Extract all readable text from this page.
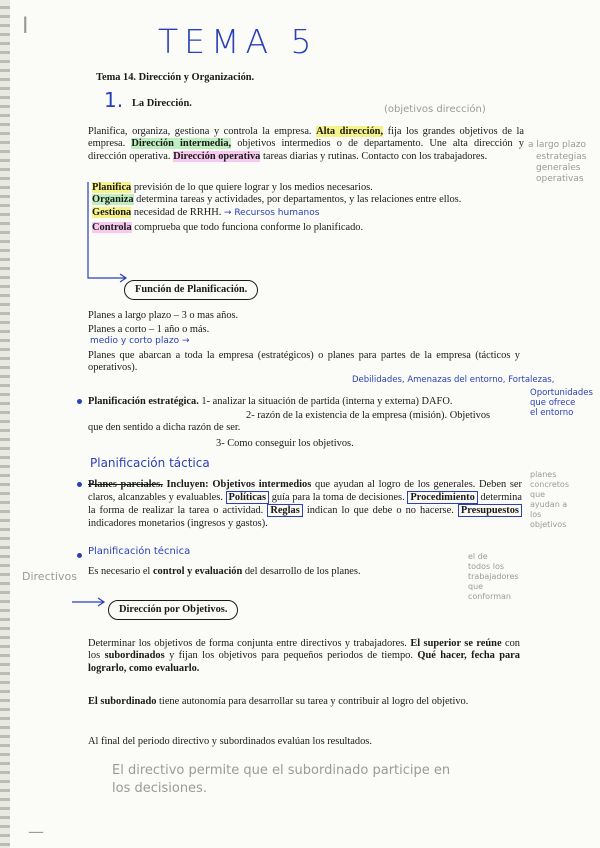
I
—
TEMA 5
Tema 14. Dirección y Organización.
1. La Dirección.
(objetivos dirección)
a largo plazo
estrategias
generales
operativas
Planifica, organiza, gestiona y controla la empresa. Alta dirección, fija los grandes objetivos de la empresa. Dirección intermedia, objetivos intermedios o de departamento. Une alta dirección y dirección operativa. Dirección operativa tareas diarias y rutinas. Contacto con los trabajadores.
Planifica previsión de lo que quiere lograr y los medios necesarios.
Organiza determina tareas y actividades, por departamentos, y las relaciones entre ellos.
Gestiona necesidad de RRHH. → Recursos humanos
Controla comprueba que todo funciona conforme lo planificado.
Función de Planificación.
Planes a largo plazo – 3 o mas años.
Planes a corto – 1 año o más.
medio y corto plazo →
Planes que abarcan a toda la empresa (estratégicos) o planes para partes de la empresa (tácticos y operativos).
Debilidades, Amenazas del entorno, Fortalezas,
Oportunidades
que ofrece
el entorno
Planificación estratégica. 1- analizar la situación de partida (interna y externa) DAFO.
2- razón de la existencia de la empresa (misión). Objetivos
que den sentido a dicha razón de ser.
3- Como conseguir los objetivos.
Planificación táctica
planes
concretos
que
ayudan a
los
objetivos
Planes parciales. Incluyen: Objetivos intermedios que ayudan al logro de los generales. Deben ser claros, alcanzables y evaluables. Políticas guía para la toma de decisiones. Procedimiento determina la forma de realizar la tarea o actividad. Reglas indican lo que debe o no hacerse. Presupuestos indicadores monetarios (ingresos y gastos).
Planificación técnica	el de
todos los
trabajadores
que
conforman
Directivos Es necesario el control y evaluación del desarrollo de los planes.
Dirección por Objetivos.
Determinar los objetivos de forma conjunta entre directivos y trabajadores. El superior se reúne con los subordinados y fijan los objetivos para pequeños periodos de tiempo. Qué hacer, fecha para lograrlo, como evaluarlo.
El subordinado tiene autonomía para desarrollar su tarea y contribuir al logro del objetivo.
Al final del periodo directivo y subordinados evalúan los resultados.
El directivo permite que el subordinado participe en
los decisiones.
